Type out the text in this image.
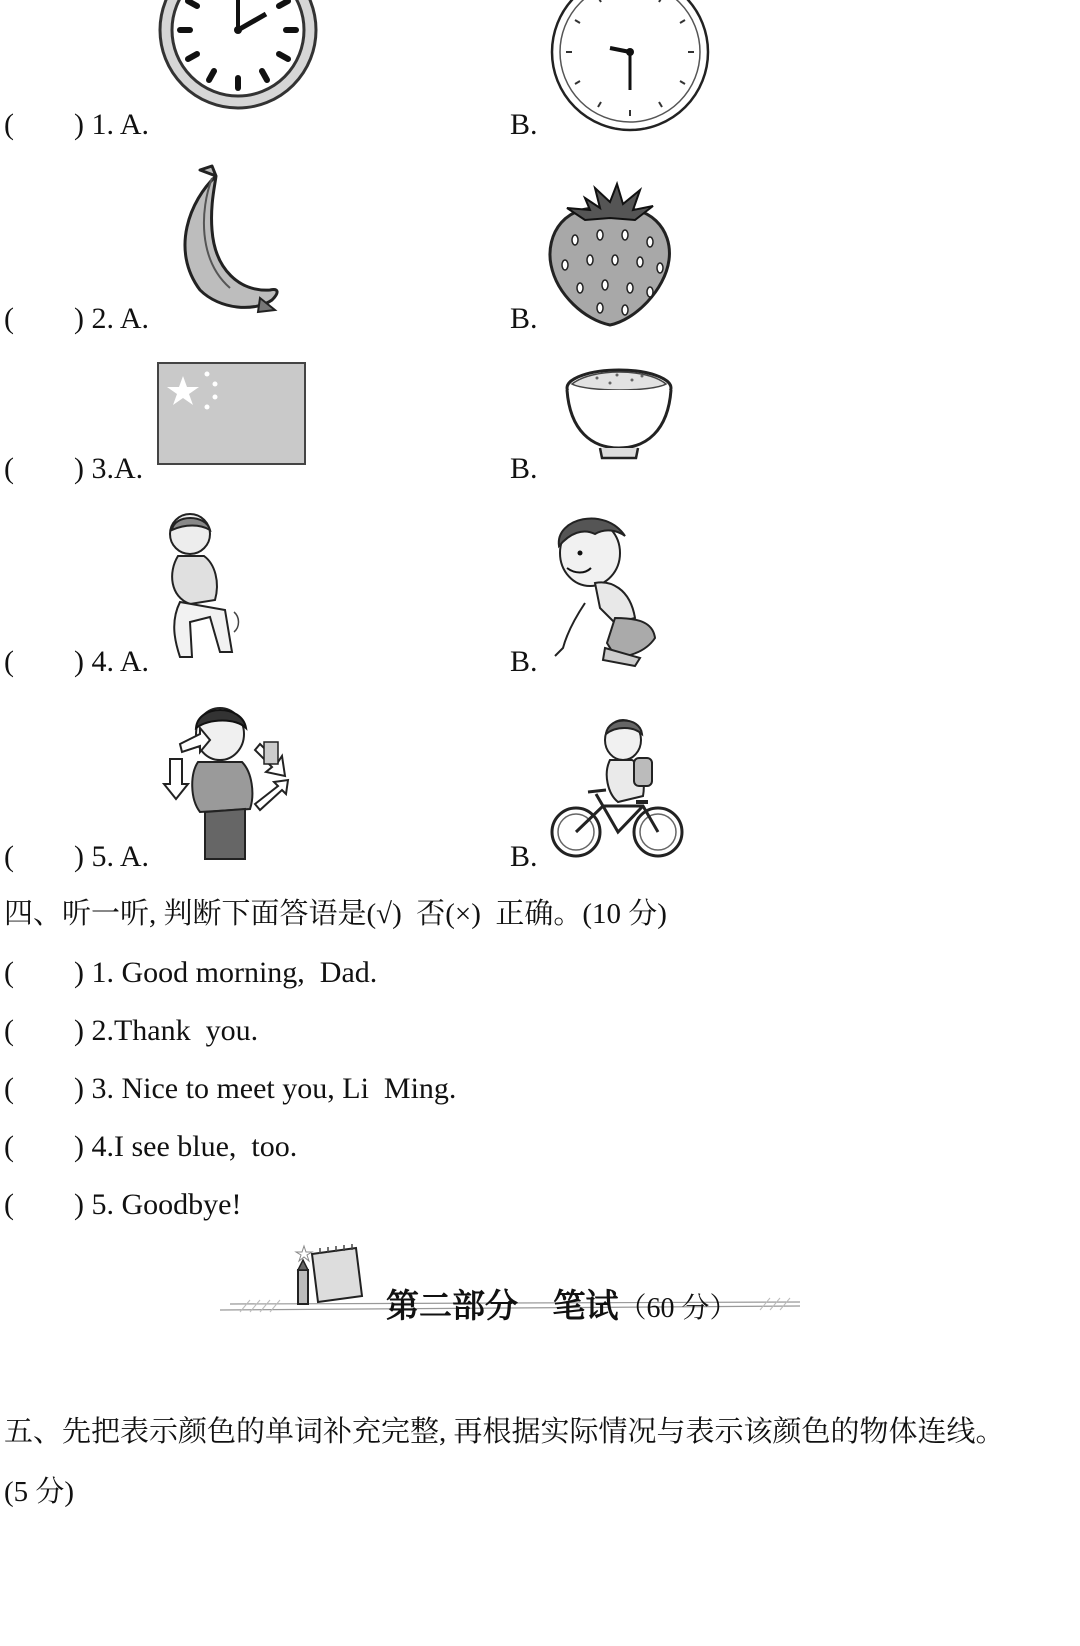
(        ) 1. A.	B.
(        ) 2. A.	B.
(        ) 3.A.	B.
(        ) 4. A.	B.
(        ) 5. A.	B.
四、听一听, 判断下面答语是(√)  否(×)  正确。(10 分)
(        ) 1. Good morning,  Dad.
(        ) 2.Thank  you.
(        ) 3. Nice to meet you, Li  Ming.
(        ) 4.I see blue,  too.
(        ) 5. Goodbye!

第二部分   笔试（60 分）

五、先把表示颜色的单词补充完整, 再根据实际情况与表示该颜色的物体连线。
(5 分)
